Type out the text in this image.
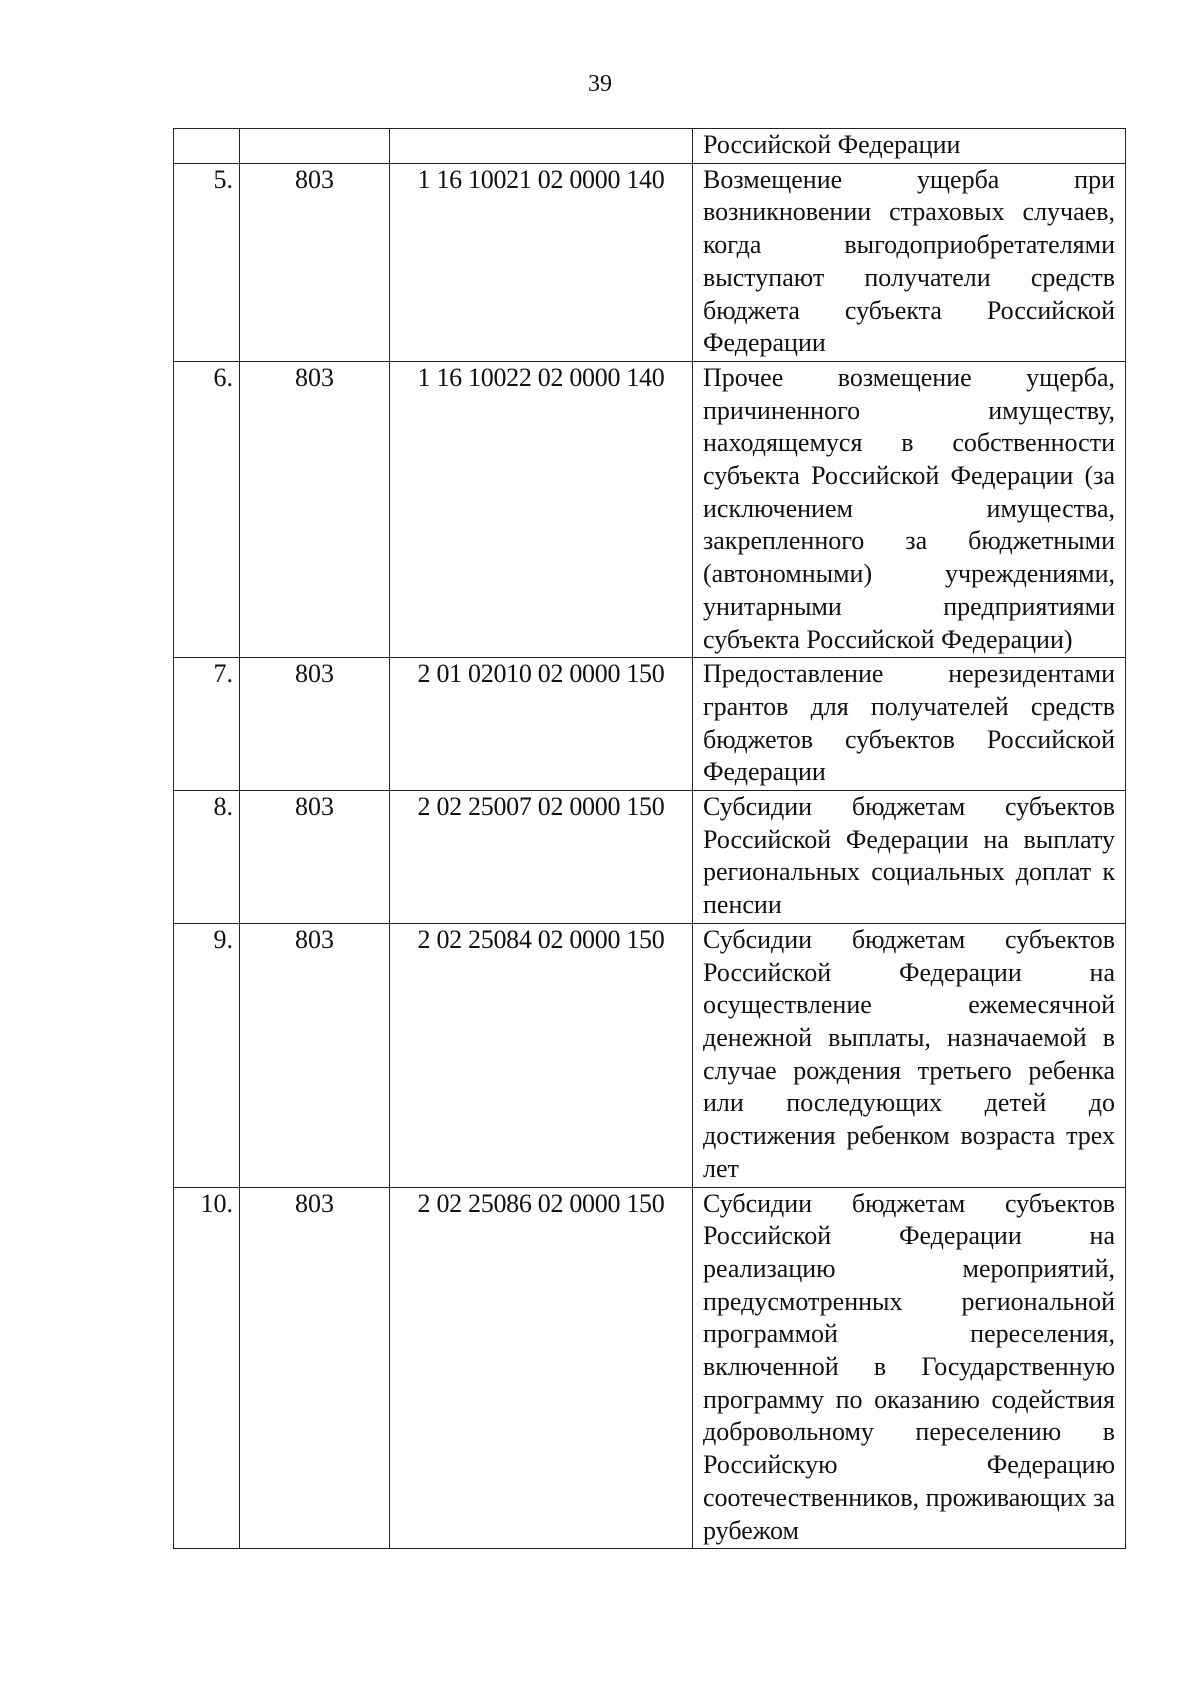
39
			Российской Федерации
5.	803	1 16 10021 02 0000 140	Возмещение ущерба при возникновении страховых случаев, когда выгодоприобретателями выступают получатели средств бюджета субъекта Российской Федерации
6.	803	1 16 10022 02 0000 140	Прочее возмещение ущерба, причиненного имуществу, находящемуся в собственности субъекта Российской Федерации (за исключением имущества, закрепленного за бюджетными (автономными) учреждениями, унитарными предприятиями субъекта Российской Федерации)
7.	803	2 01 02010 02 0000 150	Предоставление нерезидентами грантов для получателей средств бюджетов субъектов Российской Федерации
8.	803	2 02 25007 02 0000 150	Субсидии бюджетам субъектов Российской Федерации на выплату региональных социальных доплат к пенсии
9.	803	2 02 25084 02 0000 150	Субсидии бюджетам субъектов Российской Федерации на осуществление ежемесячной денежной выплаты, назначаемой в случае рождения третьего ребенка или последующих детей до достижения ребенком возраста трех лет
10.	803	2 02 25086 02 0000 150	Субсидии бюджетам субъектов Российской Федерации на реализацию мероприятий, предусмотренных региональной программой переселения, включенной в Государственную программу по оказанию содействия добровольному переселению в Российскую Федерацию соотечественников, проживающих за рубежом
